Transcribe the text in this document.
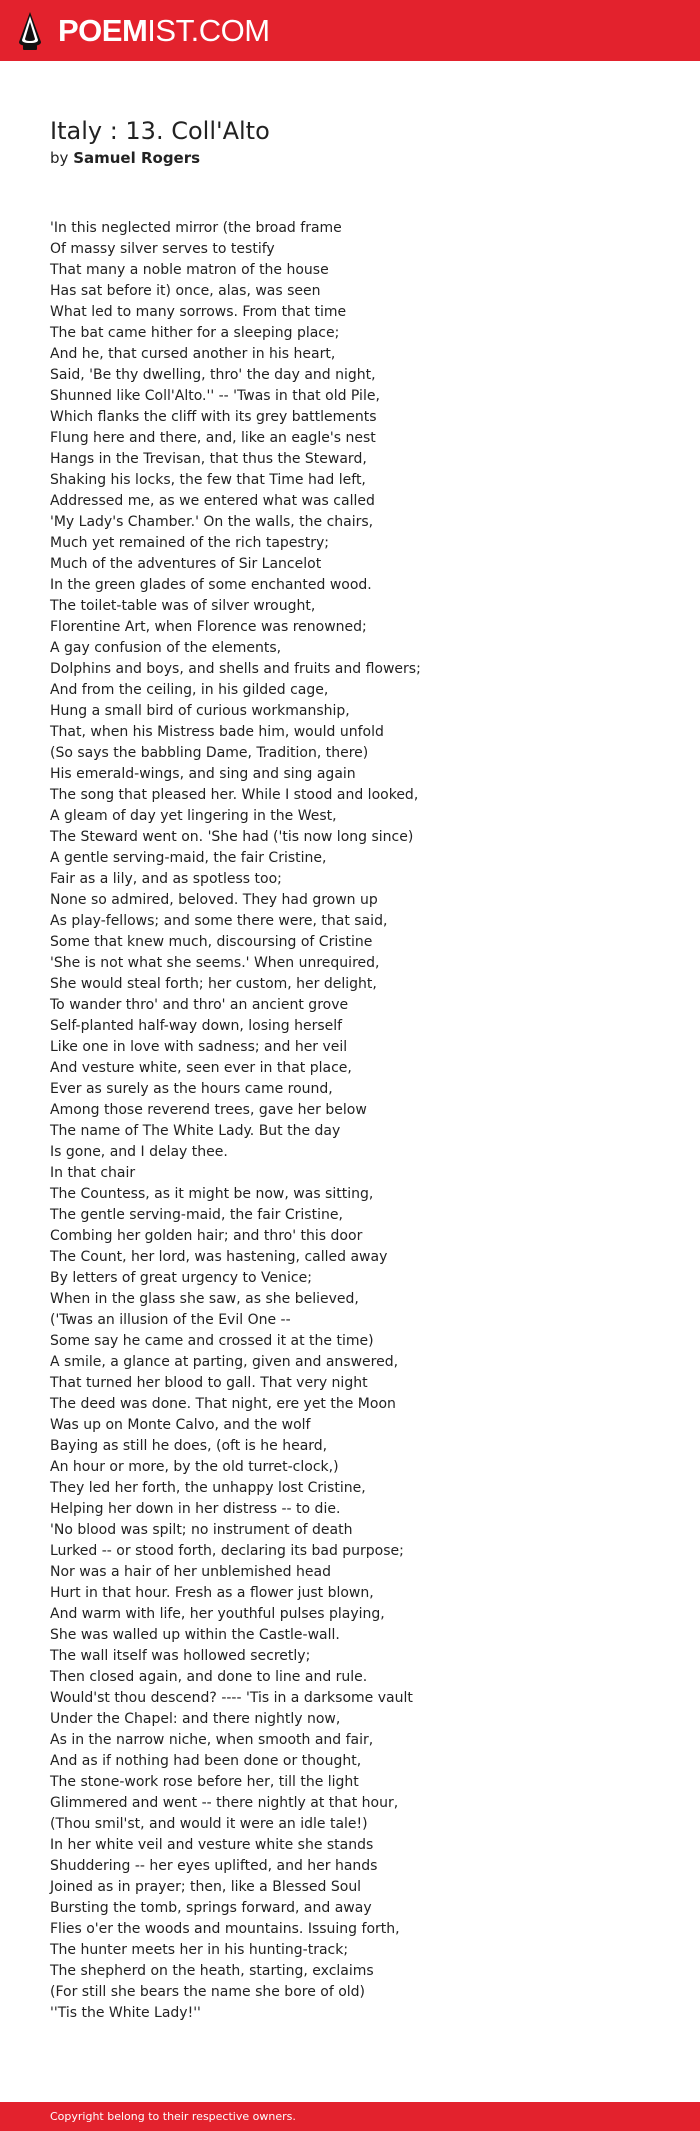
POEM IST.COM
Italy : 13. Coll'Alto
by Samuel Rogers
'In this neglected mirror (the broad frame
Of massy silver serves to testify
That many a noble matron of the house
Has sat before it) once, alas, was seen
What led to many sorrows. From that time
The bat came hither for a sleeping place;
And he, that cursed another in his heart,
Said, 'Be thy dwelling, thro' the day and night,
Shunned like Coll'Alto.'' -- 'Twas in that old Pile,
Which flanks the cliff with its grey battlements
Flung here and there, and, like an eagle's nest
Hangs in the Trevisan, that thus the Steward,
Shaking his locks, the few that Time had left,
Addressed me, as we entered what was called
'My Lady's Chamber.' On the walls, the chairs,
Much yet remained of the rich tapestry;
Much of the adventures of Sir Lancelot
In the green glades of some enchanted wood.
The toilet-table was of silver wrought,
Florentine Art, when Florence was renowned;
A gay confusion of the elements,
Dolphins and boys, and shells and fruits and flowers;
And from the ceiling, in his gilded cage,
Hung a small bird of curious workmanship,
That, when his Mistress bade him, would unfold
(So says the babbling Dame, Tradition, there)
His emerald-wings, and sing and sing again
The song that pleased her. While I stood and looked,
A gleam of day yet lingering in the West,
The Steward went on. 'She had ('tis now long since)
A gentle serving-maid, the fair Cristine,
Fair as a lily, and as spotless too;
None so admired, beloved. They had grown up
As play-fellows; and some there were, that said,
Some that knew much, discoursing of Cristine
'She is not what she seems.' When unrequired,
She would steal forth; her custom, her delight,
To wander thro' and thro' an ancient grove
Self-planted half-way down, losing herself
Like one in love with sadness; and her veil
And vesture white, seen ever in that place,
Ever as surely as the hours came round,
Among those reverend trees, gave her below
The name of The White Lady. But the day
Is gone, and I delay thee.
In that chair
The Countess, as it might be now, was sitting,
The gentle serving-maid, the fair Cristine,
Combing her golden hair; and thro' this door
The Count, her lord, was hastening, called away
By letters of great urgency to Venice;
When in the glass she saw, as she believed,
('Twas an illusion of the Evil One --
Some say he came and crossed it at the time)
A smile, a glance at parting, given and answered,
That turned her blood to gall. That very night
The deed was done. That night, ere yet the Moon
Was up on Monte Calvo, and the wolf
Baying as still he does, (oft is he heard,
An hour or more, by the old turret-clock,)
They led her forth, the unhappy lost Cristine,
Helping her down in her distress -- to die.
'No blood was spilt; no instrument of death
Lurked -- or stood forth, declaring its bad purpose;
Nor was a hair of her unblemished head
Hurt in that hour. Fresh as a flower just blown,
And warm with life, her youthful pulses playing,
She was walled up within the Castle-wall.
The wall itself was hollowed secretly;
Then closed again, and done to line and rule.
Would'st thou descend? ---- 'Tis in a darksome vault
Under the Chapel: and there nightly now,
As in the narrow niche, when smooth and fair,
And as if nothing had been done or thought,
The stone-work rose before her, till the light
Glimmered and went -- there nightly at that hour,
(Thou smil'st, and would it were an idle tale!)
In her white veil and vesture white she stands
Shuddering -- her eyes uplifted, and her hands
Joined as in prayer; then, like a Blessed Soul
Bursting the tomb, springs forward, and away
Flies o'er the woods and mountains. Issuing forth,
The hunter meets her in his hunting-track;
The shepherd on the heath, starting, exclaims
(For still she bears the name she bore of old)
''Tis the White Lady!''
Copyright belong to their respective owners.
